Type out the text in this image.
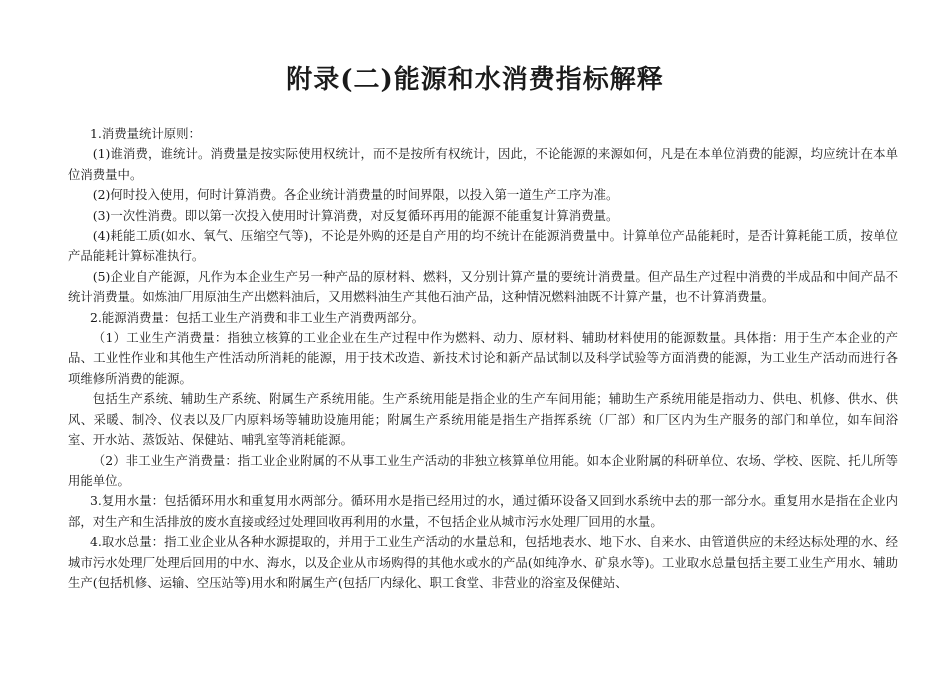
附录(二)能源和水消费指标解释

1.消费量统计原则：

(1)谁消费，谁统计。消费量是按实际使用权统计，而不是按所有权统计，因此，不论能源的来源如何，凡是在本单位消费的能源，均应统计在本单位消费量中。

(2)何时投入使用，何时计算消费。各企业统计消费量的时间界限，以投入第一道生产工序为准。

(3)一次性消费。即以第一次投入使用时计算消费，对反复循环再用的能源不能重复计算消费量。

(4)耗能工质(如水、氧气、压缩空气等)，不论是外购的还是自产用的均不统计在能源消费量中。计算单位产品能耗时，是否计算耗能工质，按单位产品能耗计算标准执行。

(5)企业自产能源，凡作为本企业生产另一种产品的原材料、燃料，又分别计算产量的要统计消费量。但产品生产过程中消费的半成品和中间产品不统计消费量。如炼油厂用原油生产出燃料油后，又用燃料油生产其他石油产品，这种情况燃料油既不计算产量，也不计算消费量。

2.能源消费量：包括工业生产消费和非工业生产消费两部分。

（1）工业生产消费量：指独立核算的工业企业在生产过程中作为燃料、动力、原材料、辅助材料使用的能源数量。具体指：用于生产本企业的产品、工业性作业和其他生产性活动所消耗的能源，用于技术改造、新技术讨论和新产品试制以及科学试验等方面消费的能源，为工业生产活动而进行各项维修所消费的能源。

包括生产系统、辅助生产系统、附属生产系统用能。生产系统用能是指企业的生产车间用能；辅助生产系统用能是指动力、供电、机修、供水、供风、采暖、制冷、仪表以及厂内原料场等辅助设施用能；附属生产系统用能是指生产指挥系统（厂部）和厂区内为生产服务的部门和单位，如车间浴室、开水站、蒸饭站、保健站、哺乳室等消耗能源。

（2）非工业生产消费量：指工业企业附属的不从事工业生产活动的非独立核算单位用能。如本企业附属的科研单位、农场、学校、医院、托儿所等用能单位。

3.复用水量：包括循环用水和重复用水两部分。循环用水是指已经用过的水，通过循环设备又回到水系统中去的那一部分水。重复用水是指在企业内部，对生产和生活排放的废水直接或经过处理回收再利用的水量，不包括企业从城市污水处理厂回用的水量。

4.取水总量：指工业企业从各种水源提取的，并用于工业生产活动的水量总和，包括地表水、地下水、自来水、由管道供应的未经达标处理的水、经城市污水处理厂处理后回用的中水、海水，以及企业从市场购得的其他水或水的产品(如纯净水、矿泉水等)。工业取水总量包括主要工业生产用水、辅助生产(包括机修、运输、空压站等)用水和附属生产(包括厂内绿化、职工食堂、非营业的浴室及保健站、
